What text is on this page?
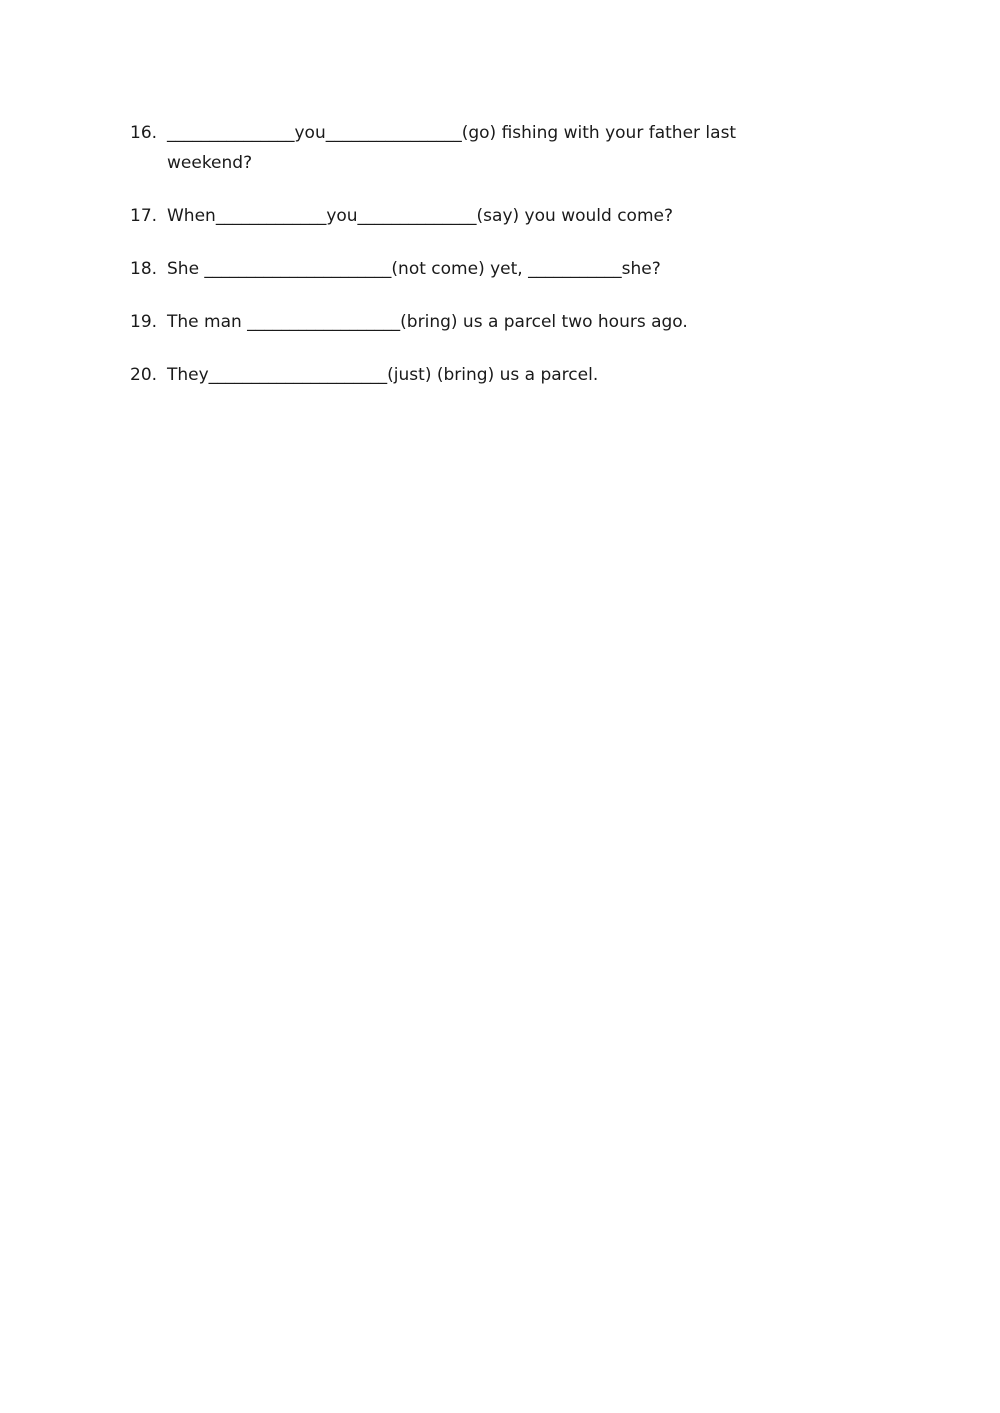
16. _______________you________________(go) fishing with your father last
weekend?
17. When_____________you______________(say) you would come?
18. She ______________________(not come) yet, ___________she?
19. The man __________________(bring) us a parcel two hours ago.
20. They_____________________(just) (bring) us a parcel.
